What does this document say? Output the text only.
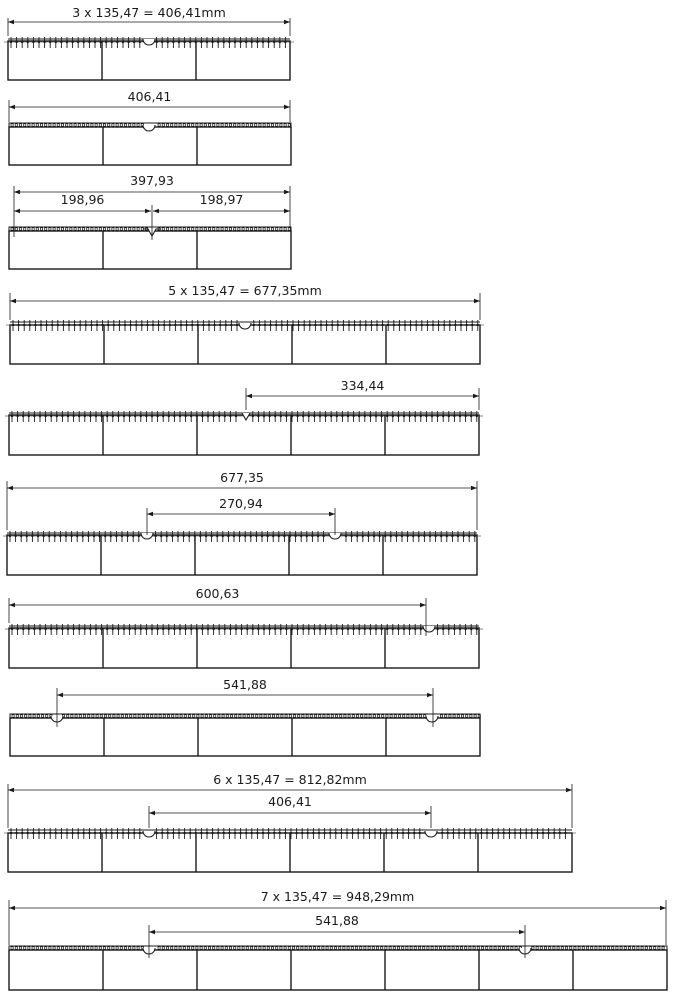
3 x 135,47 = 406,41mm
406,41
397,93
198,96	198,97
5 x 135,47 = 677,35mm
334,44
677,35
270,94
600,63
541,88
6 x 135,47 = 812,82mm
406,41
7 x 135,47 = 948,29mm
541,88
